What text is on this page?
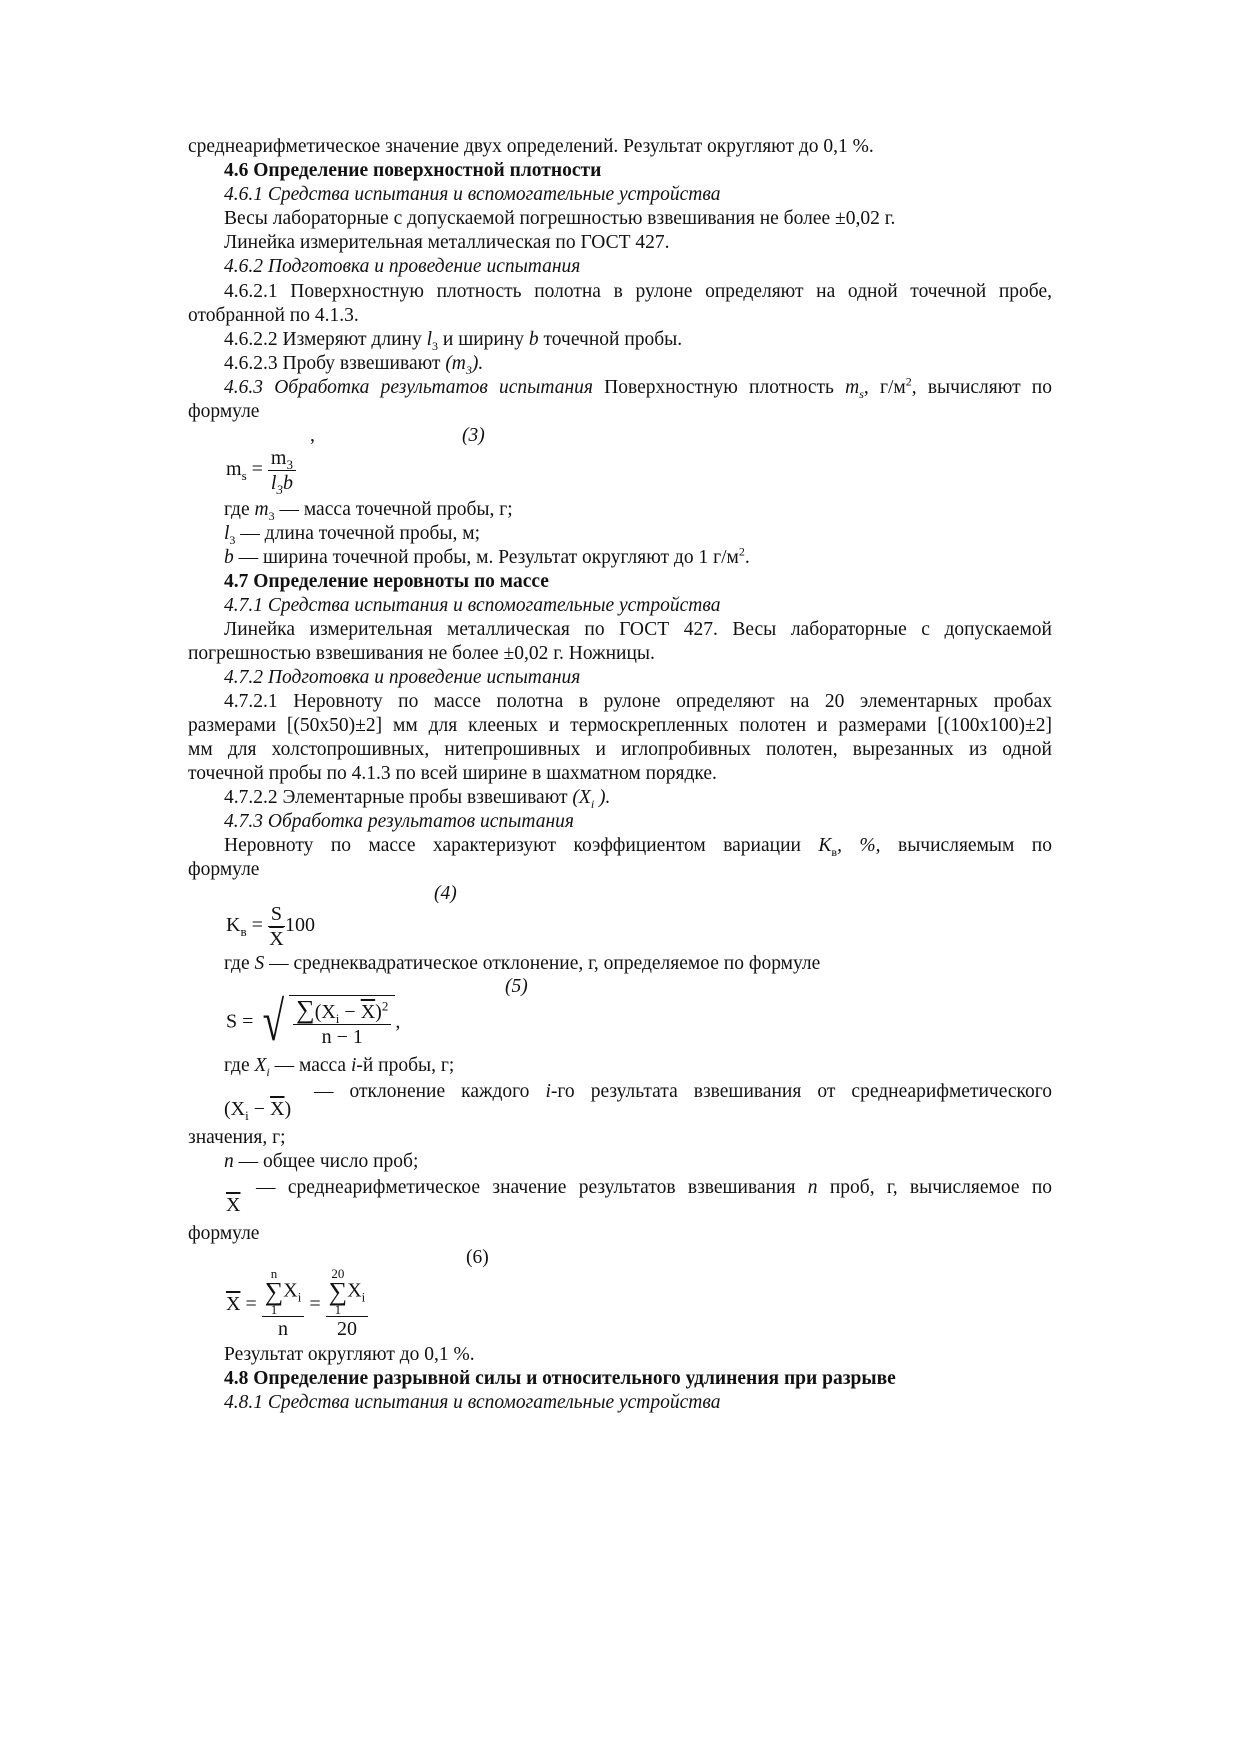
среднеарифметическое значение двух определений. Результат округляют до 0,1 %.
4.6 Определение поверхностной плотности
4.6.1 Средства испытания и вспомогательные устройства
Весы лабораторные с допускаемой погрешностью взвешивания не более ±0,02 г.
Линейка измерительная металлическая по ГОСТ 427.
4.6.2 Подготовка и проведение испытания
4.6.2.1 Поверхностную плотность полотна в рулоне определяют на одной точечной пробе,
отобранной по 4.1.3.
4.6.2.2 Измеряют длину $l_3$ и ширину b точечной пробы.
4.6.2.3 Пробу взвешивают $(m_3)$.
4.6.3 Обработка результатов испытания Поверхностную плотность $m_s$, $г/м^2$, вычисляют по
формуле
,	(3)
$m_s = \frac{m_3}{l_3b}$
где $m_3$ — масса точечной пробы, г;
$l_3$ — длина точечной пробы, м;
b — ширина точечной пробы, м. Результат округляют до 1 $г/м^2$.
4.7 Определение неровноты по массе
4.7.1 Средства испытания и вспомогательные устройства
Линейка измерительная металлическая по ГОСТ 427. Весы лабораторные с допускаемой
погрешностью взвешивания не более ±0,02 г. Ножницы.
4.7.2 Подготовка и проведение испытания
4.7.2.1 Неровноту по массе полотна в рулоне определяют на 20 элементарных пробах
размерами [(50х50)±2] мм для клееных и термоскрепленных полотен и размерами [(100х100)±2]
мм для холстопрошивных, нитепрошивных и иглопробивных полотен, вырезанных из одной
точечной пробы по 4.1.3 по всей ширине в шахматном порядке.
4.7.2.2 Элементарные пробы взвешивают ($X_i$ ).
4.7.3 Обработка результатов испытания
Неровноту по массе характеризуют коэффициентом вариации $K_в$, %, вычисляемым по
формуле
(4)
$K_в = \frac{S}{X} 100$
где S — среднеквадратическое отклонение, г, определяемое по формуле
(5)
S = √ $\frac{\sum(X_i - \overline{X})^2}{n - 1}$ ,
где $X_i$ — масса i-й пробы, г;
$(X_i - \overline{X})$
— отклонение каждого i-го результата взвешивания от среднеарифметического
значения, г;
n — общее число проб;
$\overline{X}$
— среднеарифметическое значение результатов взвешивания n проб, г, вычисляемое по
формуле
(6)
$\overline{X} = n$
∑
1
$X_i$
n = 20
∑
1
$X_i$
20
Результат округляют до 0,1 %.
4.8 Определение разрывной силы и относительного удлинения при разрыве
4.8.1 Средства испытания и вспомогательные устройства
